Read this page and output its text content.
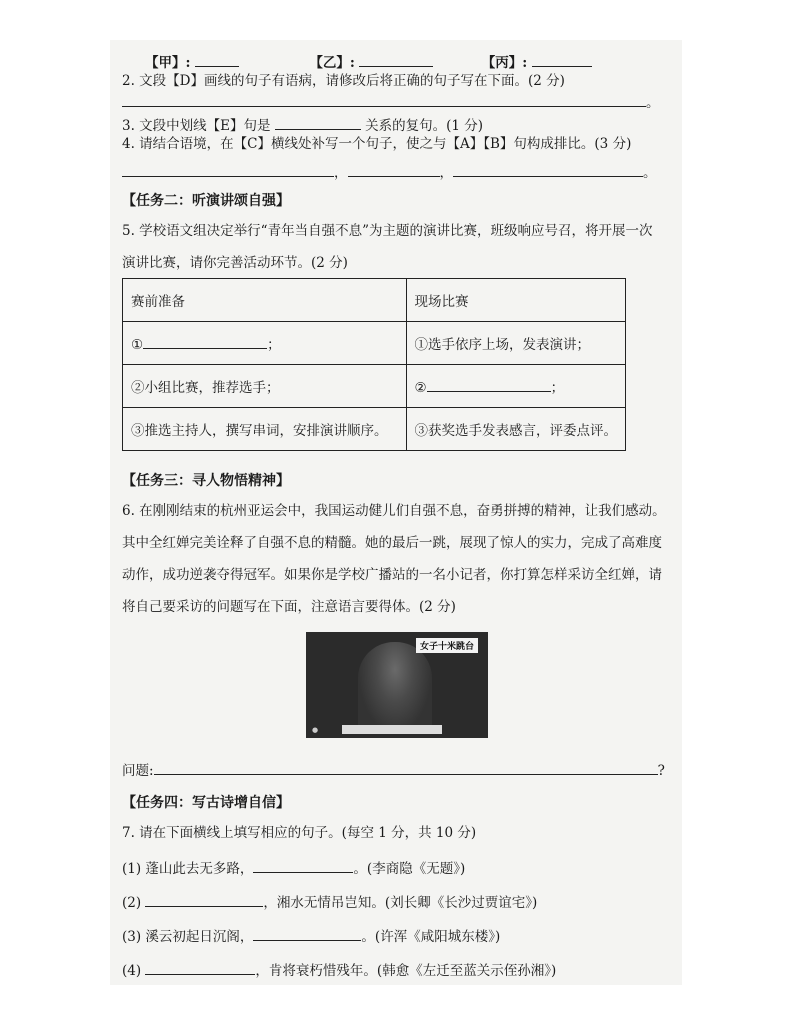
【甲】:	【乙】:	【丙】:
2. 文段【D】画线的句子有语病，请修改后将正确的句子写在下面。(2 分)
。
3. 文段中划线【E】句是	关系的复句。(1 分)
4. 请结合语境，在【C】横线处补写一个句子，使之与【A】【B】句构成排比。(3 分)
，	，	。
【任务二：听演讲颂自强】
5. 学校语文组决定举行“青年当自强不息”为主题的演讲比赛，班级响应号召，将开展一次
演讲比赛，请你完善活动环节。(2 分)
赛前准备	现场比赛
① ；	①选手依序上场，发表演讲；
②小组比赛，推荐选手；	② ；
③推选主持人，撰写串词，安排演讲顺序。	③获奖选手发表感言，评委点评。
【任务三：寻人物悟精神】
6. 在刚刚结束的杭州亚运会中，我国运动健儿们自强不息，奋勇拼搏的精神，让我们感动。
其中全红婵完美诠释了自强不息的精髓。她的最后一跳，展现了惊人的实力，完成了高难度
动作，成功逆袭夺得冠军。如果你是学校广播站的一名小记者，你打算怎样采访全红婵，请
将自己要采访的问题写在下面，注意语言要得体。(2 分)
女子十米跳台
●
问题:	?
【任务四：写古诗增自信】
7. 请在下面横线上填写相应的句子。(每空 1 分，共 10 分)
(1) 蓬山此去无多路，	。(李商隐《无题》)
(2)	，湘水无情吊岂知。(刘长卿《长沙过贾谊宅》)
(3) 溪云初起日沉阁，	。(许浑《咸阳城东楼》)
(4)	，肯将衰朽惜残年。(韩愈《左迁至蓝关示侄孙湘》)
